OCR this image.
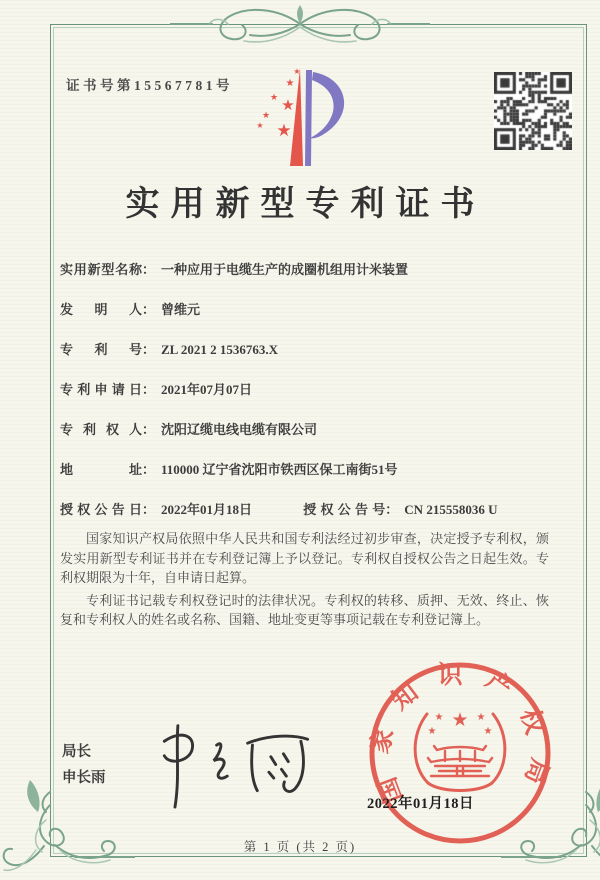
证书号第15567781号
★
★
★ ★
★
★ ★
实用新型专利证书
实用新型名称： 一种应用于电缆生产的成圈机组用计米装置
发明人： 曾维元
专利号： ZL 2021 2 1536763.X
专利申请日： 2021年07月07日
专利权人： 沈阳辽缆电线电缆有限公司
地址： 110000 辽宁省沈阳市铁西区保工南街51号
授权公告日： 2022年01月18日	授权公告号： CN 215558036 U

国家知识产权局依照中华人民共和国专利法经过初步审查，决定授予专利权，颁发实用新型专利证书并在专利登记簿上予以登记。专利权自授权公告之日起生效。专利权期限为十年，自申请日起算。

专利证书记载专利权登记时的法律状况。专利权的转移、质押、无效、终止、恢复和专利权人的姓名或名称、国籍、地址变更等事项记载在专利登记簿上。

局长
申长雨	国家知识产权局
★
★	★
★	★
2022年01月18日
第 1 页 (共 2 页)
